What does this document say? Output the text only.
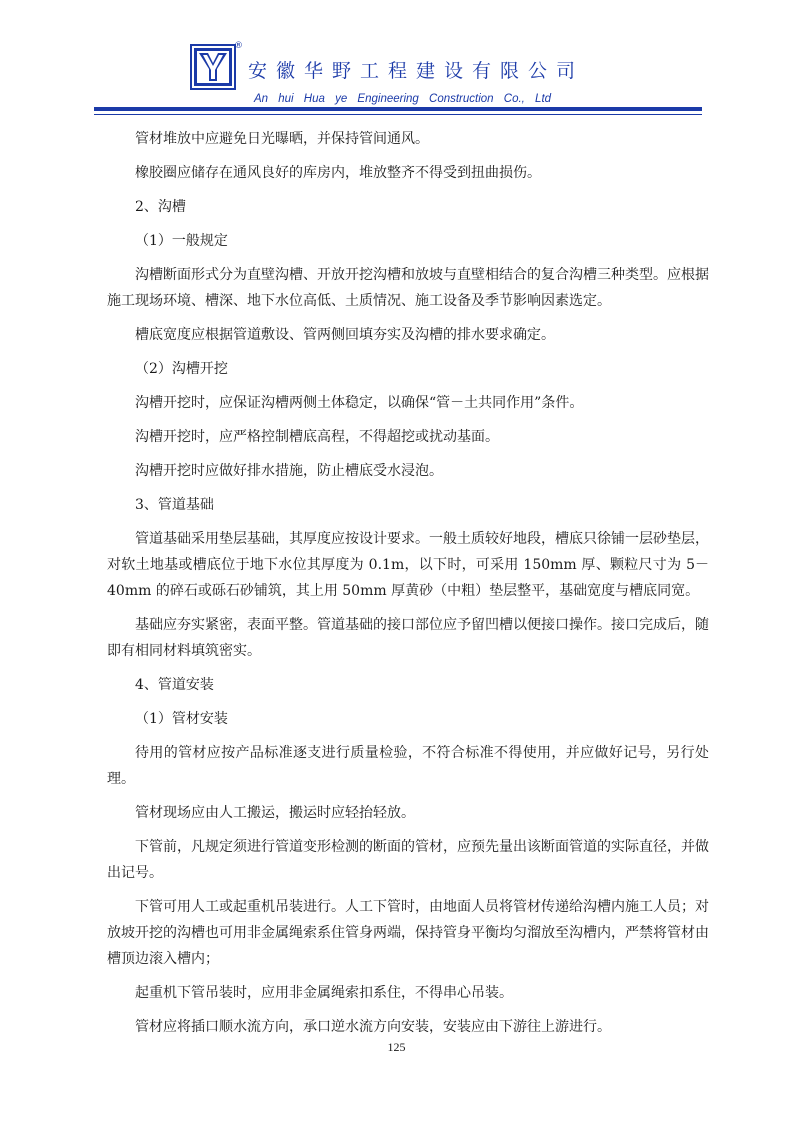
®
安徽华野工程建设有限公司
An hui Hua ye Engineering Construction Co., Ltd

管材堆放中应避免日光曝晒，并保持管间通风。

橡胶圈应储存在通风良好的库房内，堆放整齐不得受到扭曲损伤。

2、沟槽

（1）一般规定

沟槽断面形式分为直壁沟槽、开放开挖沟槽和放坡与直壁相结合的复合沟槽三种类型。应根据施工现场环境、槽深、地下水位高低、土质情况、施工设备及季节影响因素选定。

槽底宽度应根据管道敷设、管两侧回填夯实及沟槽的排水要求确定。

（2）沟槽开挖

沟槽开挖时，应保证沟槽两侧土体稳定，以确保“管－土共同作用”条件。

沟槽开挖时，应严格控制槽底高程，不得超挖或扰动基面。

沟槽开挖时应做好排水措施，防止槽底受水浸泡。

3、管道基础

管道基础采用垫层基础，其厚度应按设计要求。一般土质较好地段，槽底只徐铺一层砂垫层，对软土地基或槽底位于地下水位其厚度为 0.1m，以下时，可采用 150mm 厚、颗粒尺寸为 5－40mm 的碎石或砾石砂铺筑，其上用 50mm 厚黄砂（中粗）垫层整平，基础宽度与槽底同宽。

基础应夯实紧密，表面平整。管道基础的接口部位应予留凹槽以便接口操作。接口完成后，随即有相同材料填筑密实。

4、管道安装

（1）管材安装

待用的管材应按产品标准逐支进行质量检验，不符合标准不得使用，并应做好记号，另行处理。

管材现场应由人工搬运，搬运时应轻抬轻放。

下管前，凡规定须进行管道变形检测的断面的管材，应预先量出该断面管道的实际直径，并做出记号。

下管可用人工或起重机吊装进行。人工下管时，由地面人员将管材传递给沟槽内施工人员；对放坡开挖的沟槽也可用非金属绳索系住管身两端，保持管身平衡均匀溜放至沟槽内，严禁将管材由槽顶边滚入槽内；

起重机下管吊装时，应用非金属绳索扣系住，不得串心吊装。

管材应将插口顺水流方向，承口逆水流方向安装，安装应由下游往上游进行。

125
